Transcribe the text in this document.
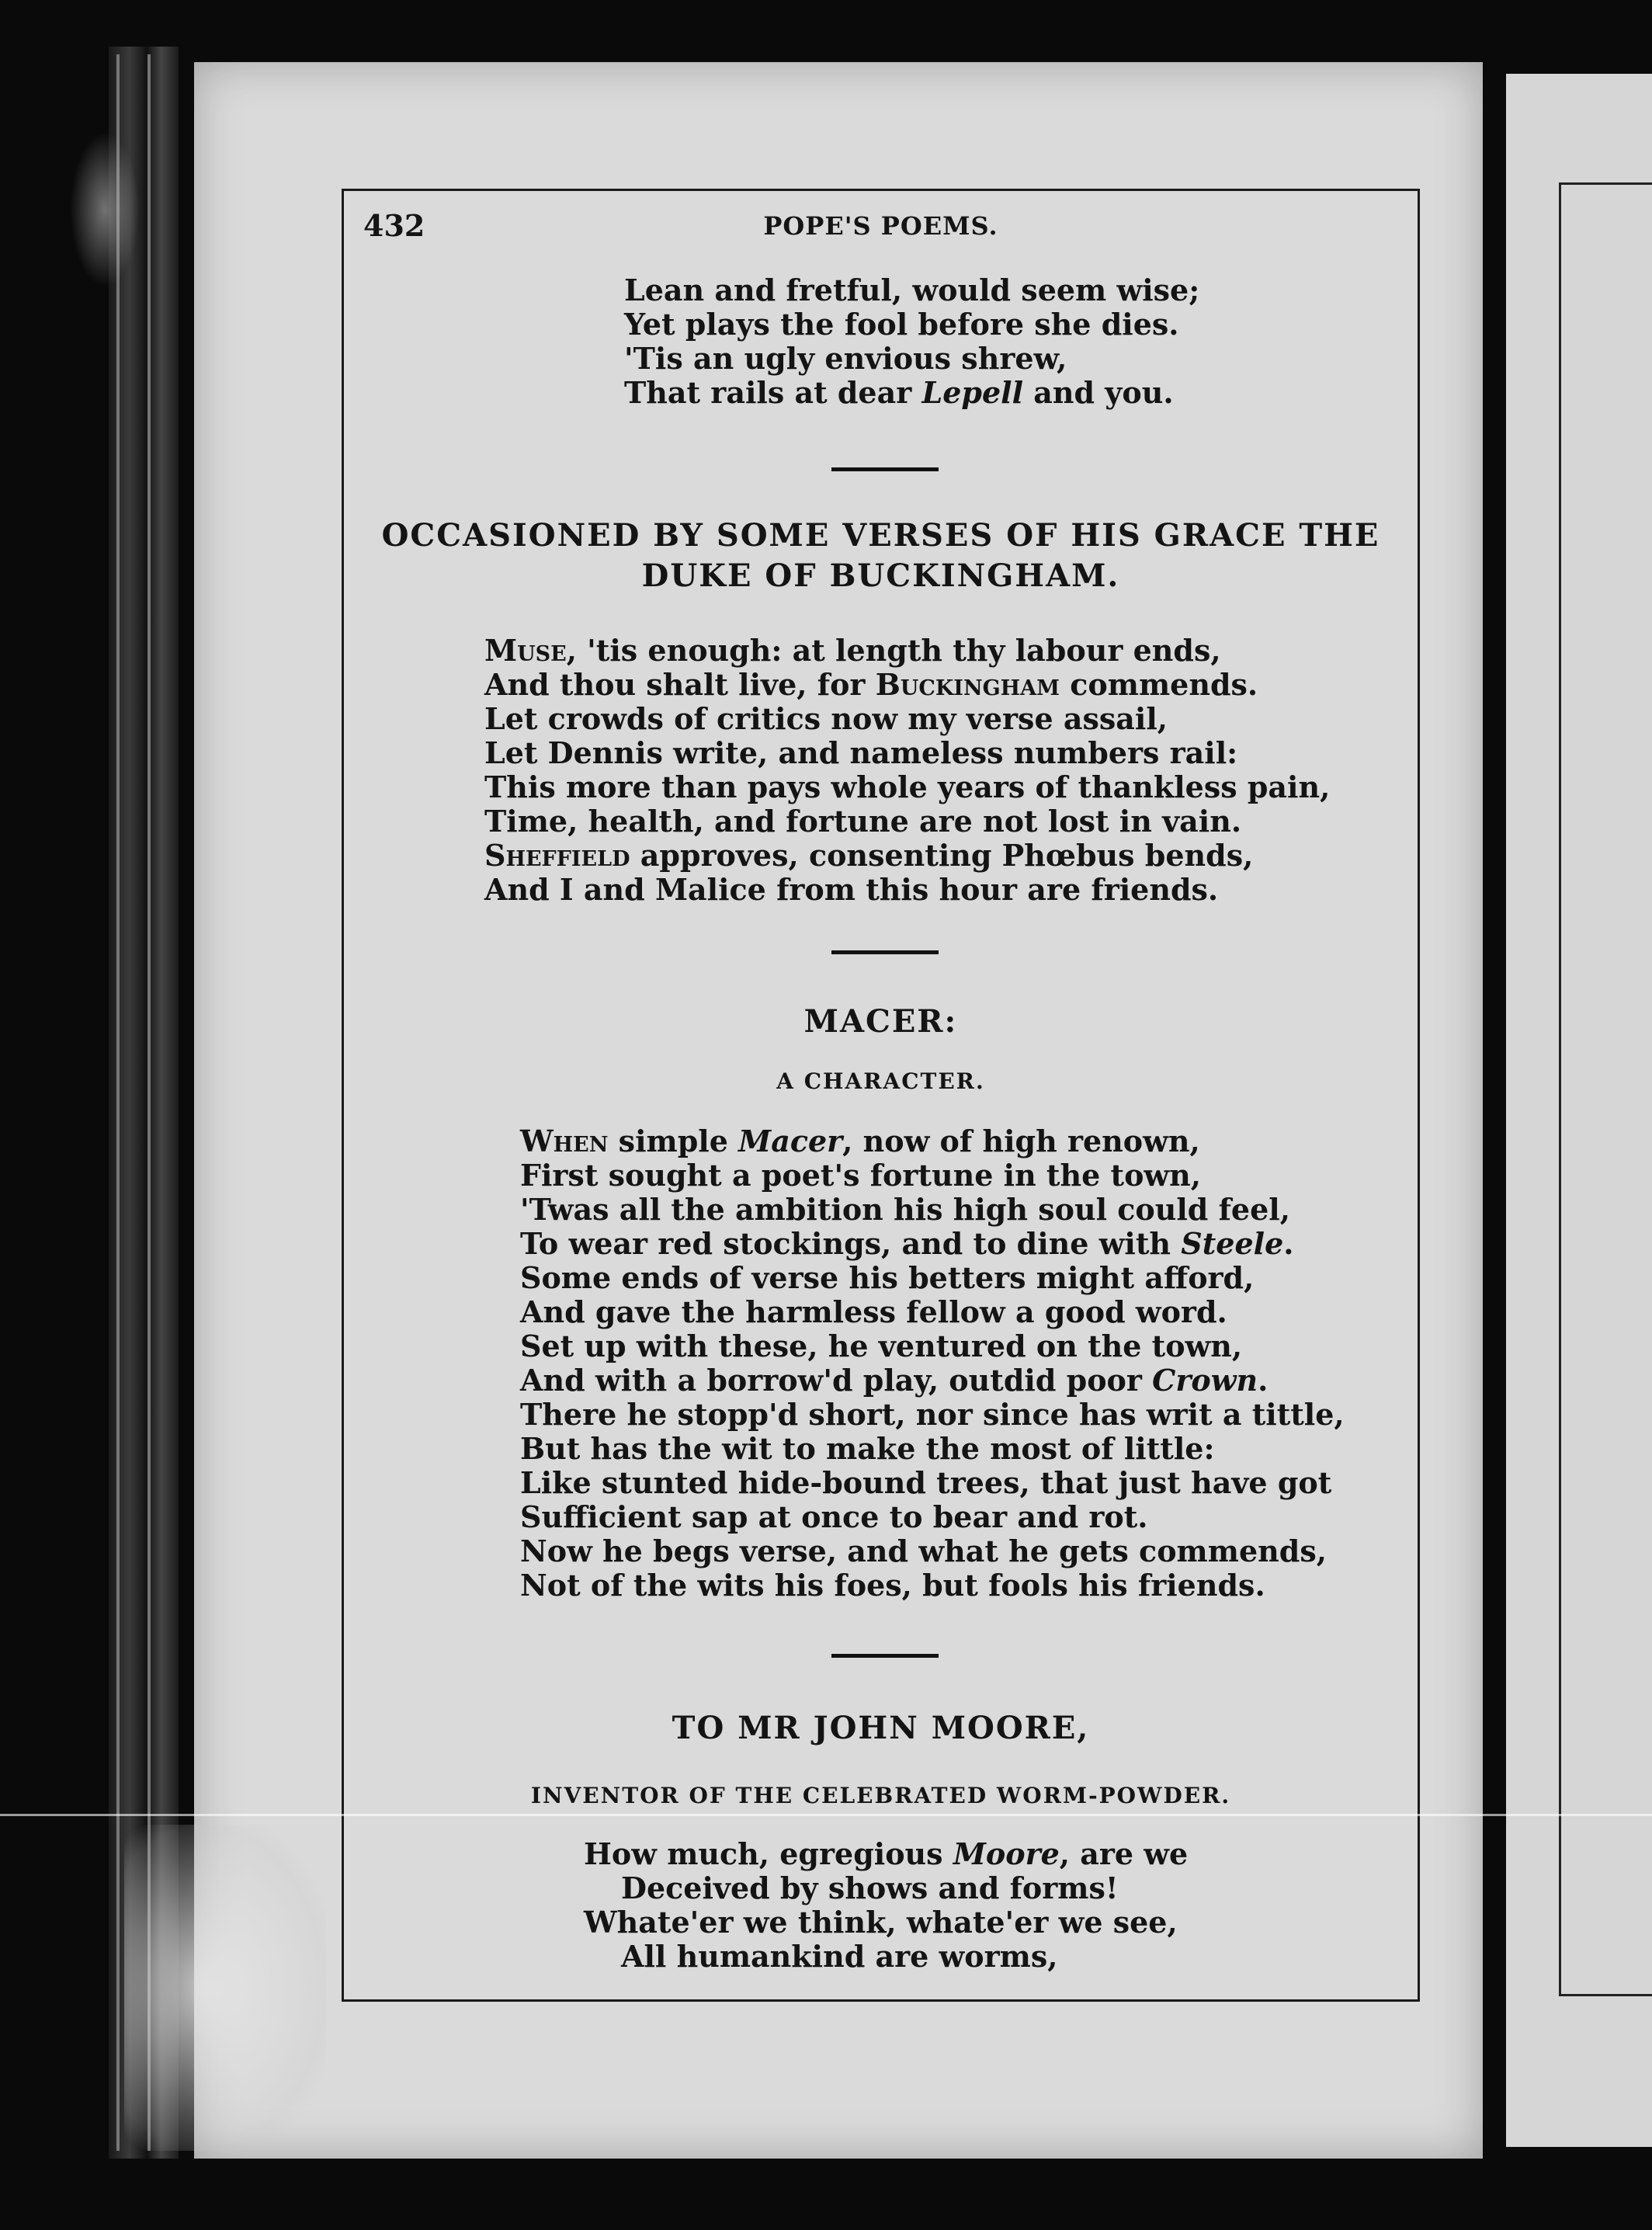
432	POPE'S POEMS.
Lean and fretful, would seem wise;
Yet plays the fool before she dies.
'Tis an ugly envious shrew,
That rails at dear Lepell and you.
OCCASIONED BY SOME VERSES OF HIS GRACE THE
DUKE OF BUCKINGHAM.
Muse, 'tis enough: at length thy labour ends,
And thou shalt live, for Buckingham commends.
Let crowds of critics now my verse assail,
Let Dennis write, and nameless numbers rail:
This more than pays whole years of thankless pain,
Time, health, and fortune are not lost in vain.
Sheffield approves, consenting Phœbus bends,
And I and Malice from this hour are friends.
MACER:
A CHARACTER.
When simple Macer, now of high renown,
First sought a poet's fortune in the town,
'Twas all the ambition his high soul could feel,
To wear red stockings, and to dine with Steele.
Some ends of verse his betters might afford,
And gave the harmless fellow a good word.
Set up with these, he ventured on the town,
And with a borrow'd play, outdid poor Crown.
There he stopp'd short, nor since has writ a tittle,
But has the wit to make the most of little:
Like stunted hide-bound trees, that just have got
Sufficient sap at once to bear and rot.
Now he begs verse, and what he gets commends,
Not of the wits his foes, but fools his friends.
TO MR JOHN MOORE,
INVENTOR OF THE CELEBRATED WORM-POWDER.
How much, egregious Moore, are we
Deceived by shows and forms!
Whate'er we think, whate'er we see,
All humankind are worms,
